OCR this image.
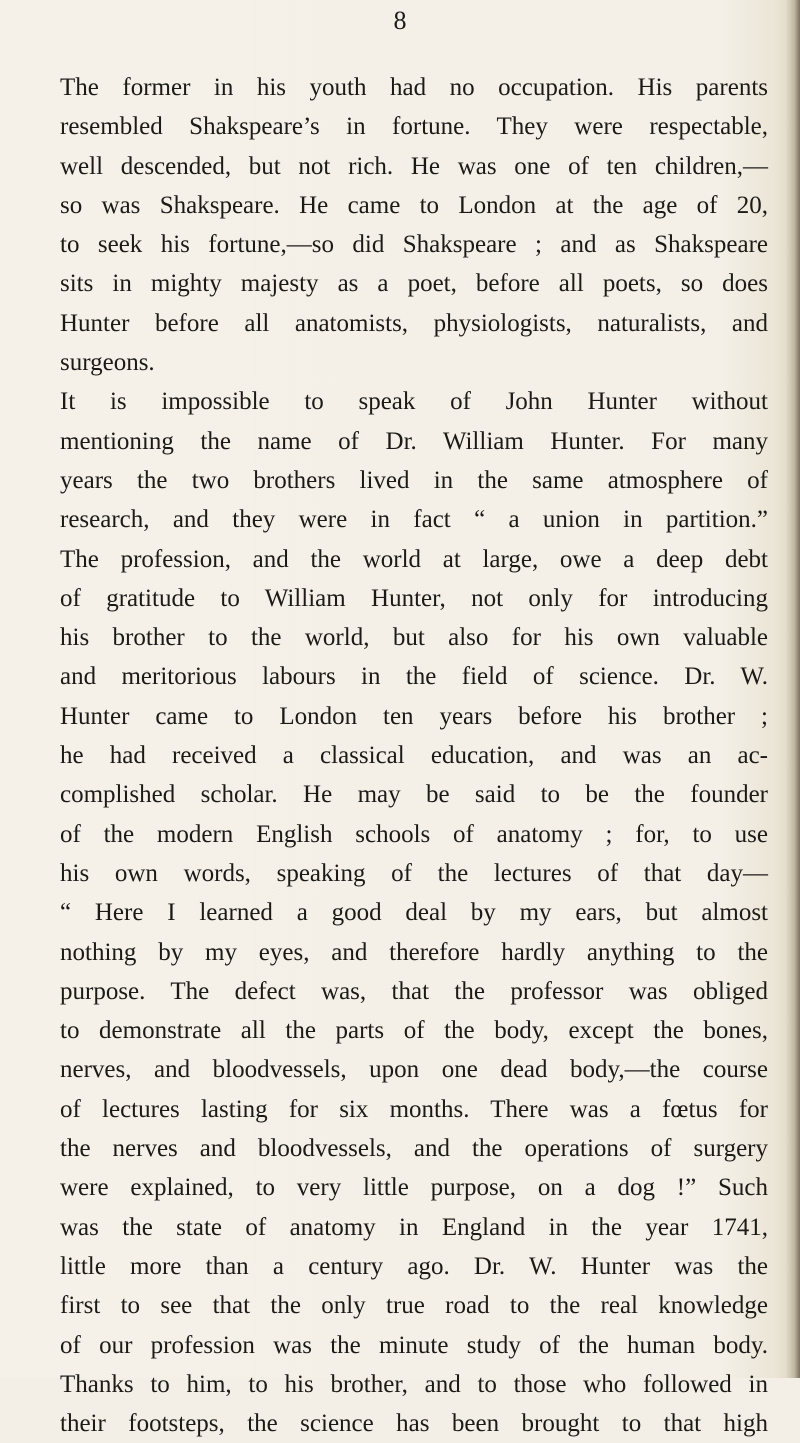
8
The former in his youth had no occupation. His parents
resembled Shakspeare’s in fortune. They were respectable,
well descended, but not rich. He was one of ten children,—
so was Shakspeare. He came to London at the age of 20,
to seek his fortune,—so did Shakspeare ; and as Shakspeare
sits in mighty majesty as a poet, before all poets, so does
Hunter before all anatomists, physiologists, naturalists, and
surgeons.
It is impossible to speak of John Hunter without
mentioning the name of Dr. William Hunter. For many
years the two brothers lived in the same atmosphere of
research, and they were in fact “ a union in partition.”
The profession, and the world at large, owe a deep debt
of gratitude to William Hunter, not only for introducing
his brother to the world, but also for his own valuable
and meritorious labours in the field of science. Dr. W.
Hunter came to London ten years before his brother ;
he had received a classical education, and was an ac-
complished scholar. He may be said to be the founder
of the modern English schools of anatomy ; for, to use
his own words, speaking of the lectures of that day—
“ Here I learned a good deal by my ears, but almost
nothing by my eyes, and therefore hardly anything to the
purpose. The defect was, that the professor was obliged
to demonstrate all the parts of the body, except the bones,
nerves, and bloodvessels, upon one dead body,—the course
of lectures lasting for six months. There was a fœtus for
the nerves and bloodvessels, and the operations of surgery
were explained, to very little purpose, on a dog !” Such
was the state of anatomy in England in the year 1741,
little more than a century ago. Dr. W. Hunter was the
first to see that the only true road to the real knowledge
of our profession was the minute study of the human body.
Thanks to him, to his brother, and to those who followed in
their footsteps, the science has been brought to that high
